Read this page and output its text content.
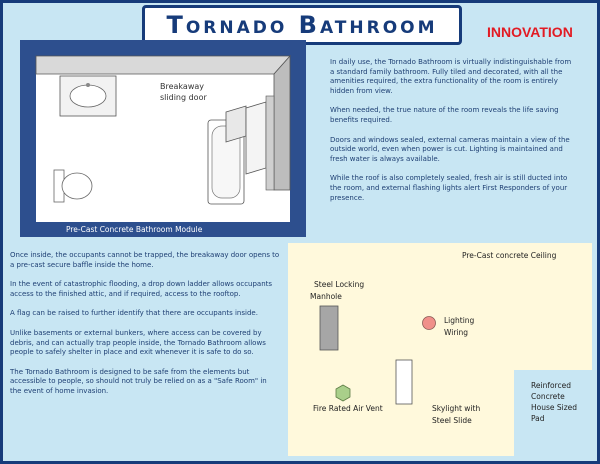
Tornado Bathroom	INNOVATION
Breakaway
sliding door
Pre-Cast Concrete Bathroom Module

In daily use, the Tornado Bathroom is virtually indistinguishable from a standard family bathroom. Fully tiled and decorated, with all the amenities required, the extra functionality of the room is entirely hidden from view.

When needed, the true nature of the room reveals the life saving benefits required.

Doors and windows sealed, external cameras maintain a view of the outside world, even when power is cut. Lighting is maintained and fresh water is always available.

While the roof is also completely sealed, fresh air is still ducted into the room, and external flashing lights alert First Responders of your presence.

Once inside, the occupants cannot be trapped, the breakaway door opens to a pre-cast secure baffle inside the home.

In the event of catastrophic flooding, a drop down ladder allows occupants access to the finished attic, and if required, access to the rooftop.

A flag can be raised to further identify that there are occupants inside.

Unlike basements or external bunkers, where access can be covered by debris, and can actually trap people inside, the Tornado Bathroom allows people to safely shelter in place and exit whenever it is safe to do so.

The Tornado Bathroom is designed to be safe from the elements but accessible to people, so should not truly be relied on as a "Safe Room" in the event of home invasion.

Pre-Cast concrete Ceiling
Steel Locking
Manhole
Lighting
Wiring
Fire Rated Air Vent	Skylight with
Steel Slide
Reinforced
Concrete
House Sized
Pad
